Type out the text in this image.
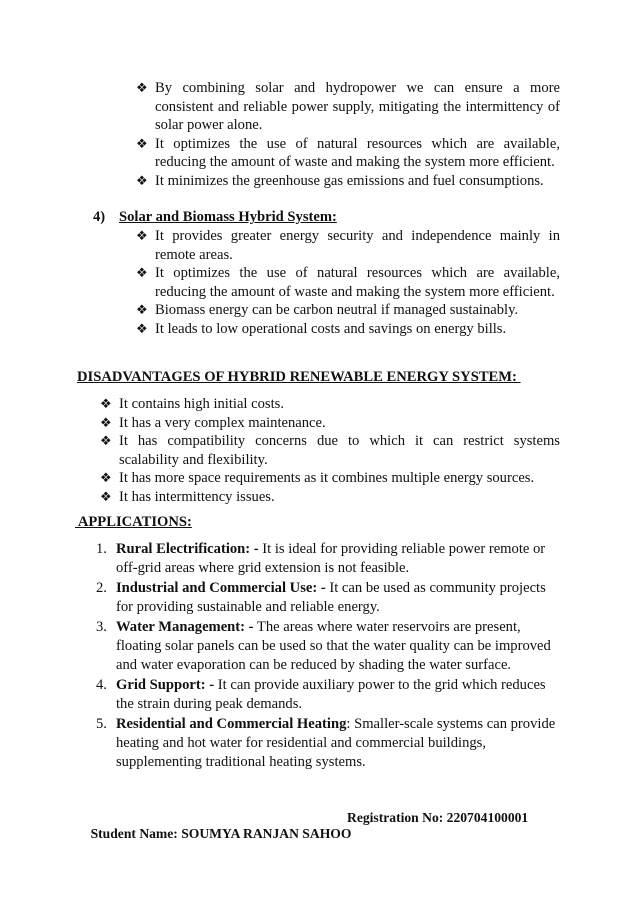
❖ By combining solar and hydropower we can ensure a more consistent and reliable power supply, mitigating the intermittency of solar power alone.
❖ It optimizes the use of natural resources which are available, reducing the amount of waste and making the system more efficient.
❖ It minimizes the greenhouse gas emissions and fuel consumptions.
4) Solar and Biomass Hybrid System:
❖ It provides greater energy security and independence mainly in remote areas.
❖ It optimizes the use of natural resources which are available, reducing the amount of waste and making the system more efficient.
❖ Biomass energy can be carbon neutral if managed sustainably.
❖ It leads to low operational costs and savings on energy bills.
DISADVANTAGES OF HYBRID RENEWABLE ENERGY SYSTEM:
❖ It contains high initial costs.
❖ It has a very complex maintenance.
❖ It has compatibility concerns due to which it can restrict systems scalability and flexibility.
❖ It has more space requirements as it combines multiple energy sources.
❖ It has intermittency issues.
APPLICATIONS:
1. Rural Electrification: - It is ideal for providing reliable power remote or off-grid areas where grid extension is not feasible.
2. Industrial and Commercial Use: - It can be used as community projects for providing sustainable and reliable energy.
3. Water Management: - The areas where water reservoirs are present, floating solar panels can be used so that the water quality can be improved and water evaporation can be reduced by shading the water surface.
4. Grid Support: - It can provide auxiliary power to the grid which reduces the strain during peak demands.
5. Residential and Commercial Heating: Smaller-scale systems can provide heating and hot water for residential and commercial buildings, supplementing traditional heating systems.

Student Name: SOUMYA RANJAN SAHOO

Registration No: 220704100001
